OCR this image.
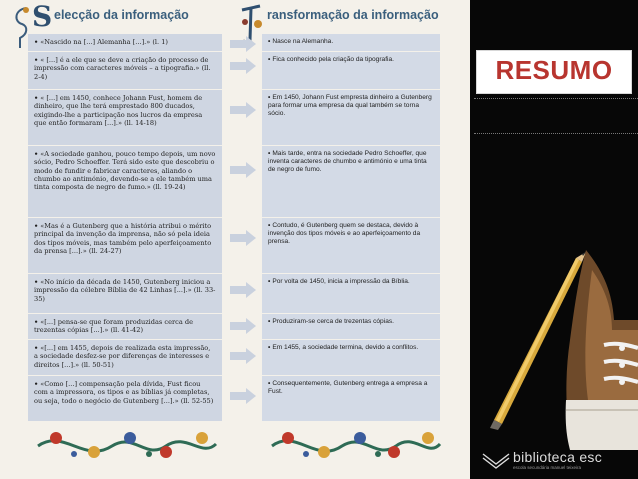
S elecção da informação	ransformação da informação

• «Nascido na [...] Alemanha [...].» (l. 1)

• « [...] é a ele que se deve a criação do processo de impressão com caracteres móveis – a tipografia.» (ll. 2-4)

• « [...] em 1450, conhece Johann Fust, homem de dinheiro, que lhe terá emprestado 800 ducados, exigindo-lhe a participação nos lucros da empresa que então formaram [...].» (ll. 14-18)

• «A sociedade ganhou, pouco tempo depois, um novo sócio, Pedro Schoeffer. Terá sido este que descobriu o modo de fundir e fabricar caracteres, aliando o chumbo ao antimónio, devendo-se a ele também uma tinta composta de negro de fumo.» (ll. 19-24)

• «Mas é a Gutenberg que a história atribui o mérito principal da invenção da imprensa, não só pela ideia dos tipos móveis, mas também pelo aperfeiçoamento da prensa [...].» (ll. 24-27)

• «No início da década de 1450, Gutenberg iniciou a impressão da célebre Bíblia de 42 Linhas [...].» (ll. 33-35)

• «[...] pensa-se que foram produzidas cerca de trezentas cópias [...].» (ll. 41-42)

• «[...] em 1455, depois de realizada esta impressão, a sociedade desfez-se por diferenças de interesses e direitos [...].» (ll. 50-51)

• «Como [...] compensação pela dívida, Fust ficou com a impressora, os tipos e as bíblias já completas, ou seja, todo o negócio de Gutenberg [...].» (ll. 52-55)

• Nasce na Alemanha.

• Fica conhecido pela criação da tipografia.

• Em 1450, Johann Fust empresta dinheiro a Gutenberg para formar uma empresa da qual também se torna sócio.

• Mais tarde, entra na sociedade Pedro Schoeffer, que inventa caracteres de chumbo e antimónio e uma tinta de negro de fumo.

• Contudo, é Gutenberg quem se destaca, devido à invenção dos tipos móveis e ao aperfeiçoamento da prensa.

• Por volta de 1450, inicia a impressão da Bíblia.

• Produziram-se cerca de trezentas cópias.

• Em 1455, a sociedade termina, devido a conflitos.

• Consequentemente, Gutenberg entrega a empresa a Fust.

RESUMO
biblioteca esc
escola secundária manuel teixeira
